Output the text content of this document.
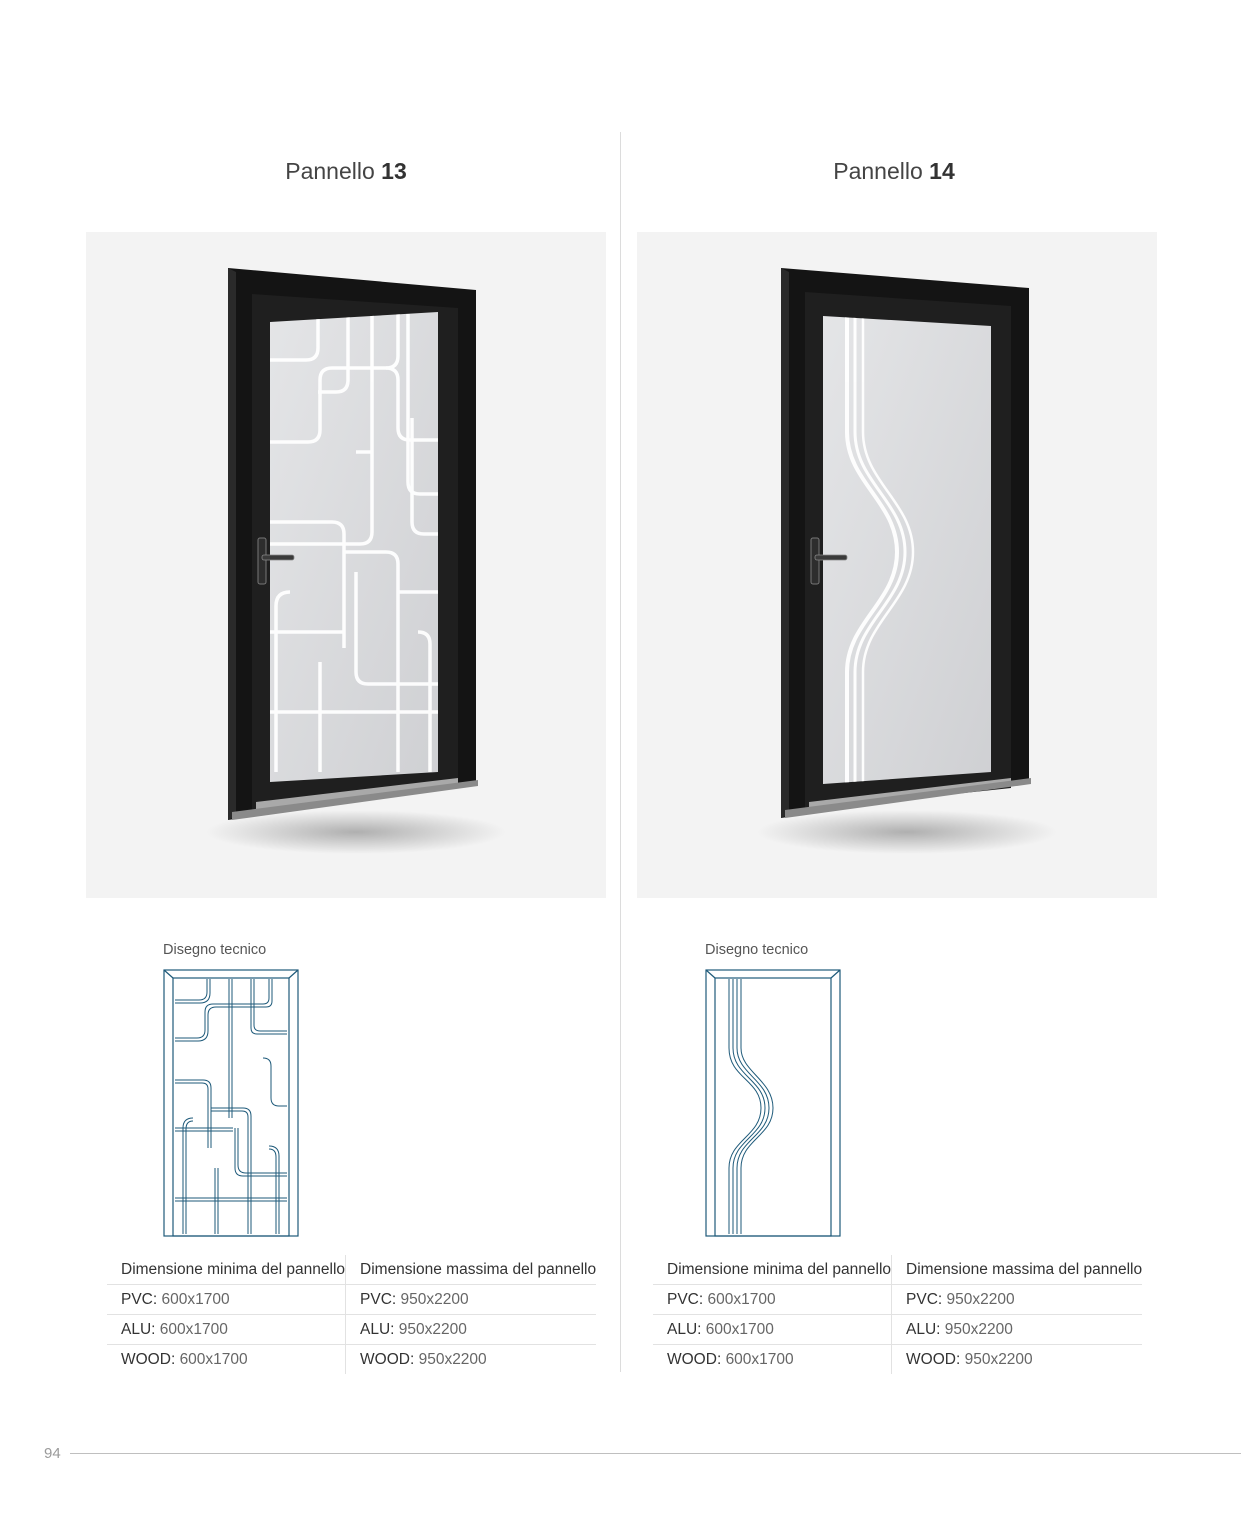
Pannello 13
Disegno tecnico
Dimensione minima del pannello	Dimensione massima del pannello
PVC: 600x1700	PVC: 950x2200
ALU: 600x1700	ALU: 950x2200
WOOD: 600x1700	WOOD: 950x2200
Pannello 14
Disegno tecnico
Dimensione minima del pannello	Dimensione massima del pannello
PVC: 600x1700	PVC: 950x2200
ALU: 600x1700	ALU: 950x2200
WOOD: 600x1700	WOOD: 950x2200
94
